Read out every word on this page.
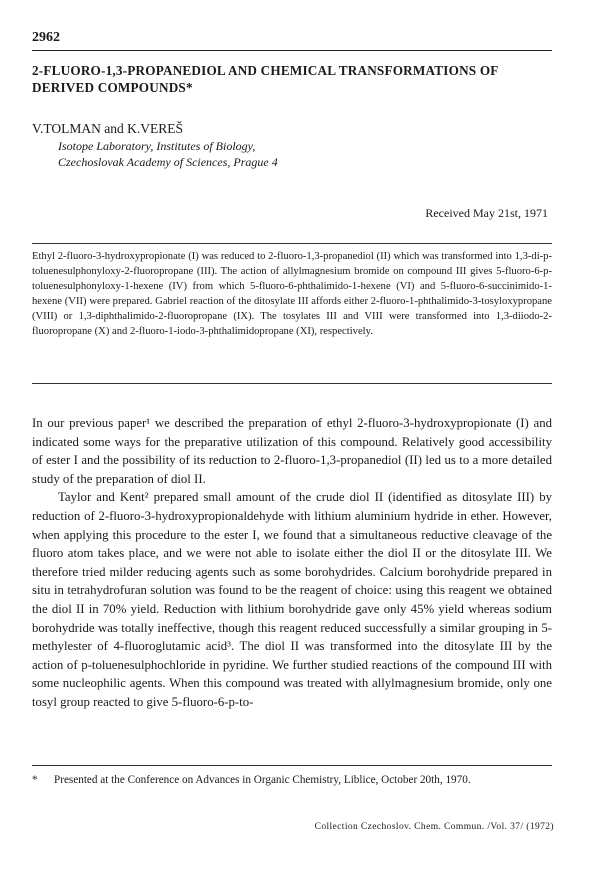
2962
2-FLUORO-1,3-PROPANEDIOL AND CHEMICAL TRANSFORMATIONS OF DERIVED COMPOUNDS*
V.TOLMAN and K.VEREŠ
Isotope Laboratory, Institutes of Biology,
Czechoslovak Academy of Sciences, Prague 4
Received May 21st, 1971
Ethyl 2-fluoro-3-hydroxypropionate (I) was reduced to 2-fluoro-1,3-propanediol (II) which was transformed into 1,3-di-p-toluenesulphonyloxy-2-fluoropropane (III). The action of allylmagnesium bromide on compound III gives 5-fluoro-6-p-toluenesulphonyloxy-1-hexene (IV) from which 5-fluoro-6-phthalimido-1-hexene (VI) and 5-fluoro-6-succinimido-1-hexene (VII) were prepared. Gabriel reaction of the ditosylate III affords either 2-fluoro-1-phthalimido-3-tosyloxypropane (VIII) or 1,3-diphthalimido-2-fluoropropane (IX). The tosylates III and VIII were transformed into 1,3-diiodo-2-fluoropropane (X) and 2-fluoro-1-iodo-3-phthalimidopropane (XI), respectively.

In our previous paper¹ we described the preparation of ethyl 2-fluoro-3-hydroxypropionate (I) and indicated some ways for the preparative utilization of this compound. Relatively good accessibility of ester I and the possibility of its reduction to 2-fluoro-1,3-propanediol (II) led us to a more detailed study of the preparation of diol II.

Taylor and Kent² prepared small amount of the crude diol II (identified as ditosylate III) by reduction of 2-fluoro-3-hydroxypropionaldehyde with lithium aluminium hydride in ether. However, when applying this procedure to the ester I, we found that a simultaneous reductive cleavage of the fluoro atom takes place, and we were not able to isolate either the diol II or the ditosylate III. We therefore tried milder reducing agents such as some borohydrides. Calcium borohydride prepared in situ in tetrahydrofuran solution was found to be the reagent of choice: using this reagent we obtained the diol II in 70% yield. Reduction with lithium borohydride gave only 45% yield whereas sodium borohydride was totally ineffective, though this reagent reduced successfully a similar grouping in 5-methylester of 4-fluoroglutamic acid³. The diol II was transformed into the ditosylate III by the action of p-toluenesulphochloride in pyridine. We further studied reactions of the compound III with some nucleophilic agents. When this compound was treated with allylmagnesium bromide, only one tosyl group reacted to give 5-fluoro-6-p-to-

* Presented at the Conference on Advances in Organic Chemistry, Liblice, October 20th, 1970.
Collection Czechoslov. Chem. Commun. /Vol. 37/ (1972)
